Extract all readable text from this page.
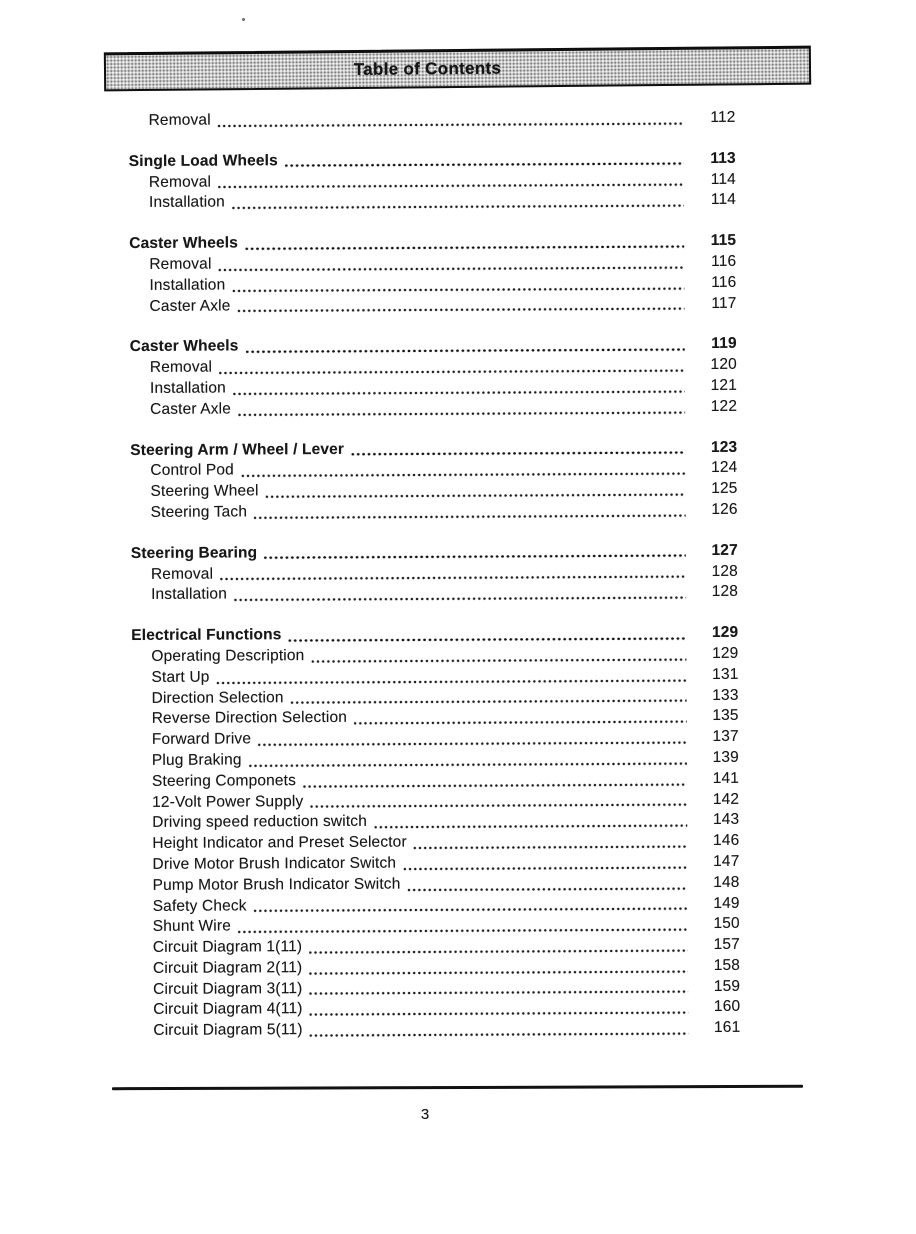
Table of Contents
Removal	112
Single Load Wheels	113
Removal	114
Installation	114
Caster Wheels	115
Removal	116
Installation	116
Caster Axle	117
Caster Wheels	119
Removal	120
Installation	121
Caster Axle	122
Steering Arm / Wheel / Lever	123
Control Pod	124
Steering Wheel	125
Steering Tach	126
Steering Bearing	127
Removal	128
Installation	128
Electrical Functions	129
Operating Description	129
Start Up	131
Direction Selection	133
Reverse Direction Selection	135
Forward Drive	137
Plug Braking	139
Steering Componets	141
12-Volt Power Supply	142
Driving speed reduction switch	143
Height Indicator and Preset Selector	146
Drive Motor Brush Indicator Switch	147
Pump Motor Brush Indicator Switch	148
Safety Check	149
Shunt Wire	150
Circuit Diagram 1(11)	157
Circuit Diagram 2(11)	158
Circuit Diagram 3(11)	159
Circuit Diagram 4(11)	160
Circuit Diagram 5(11)	161
3
